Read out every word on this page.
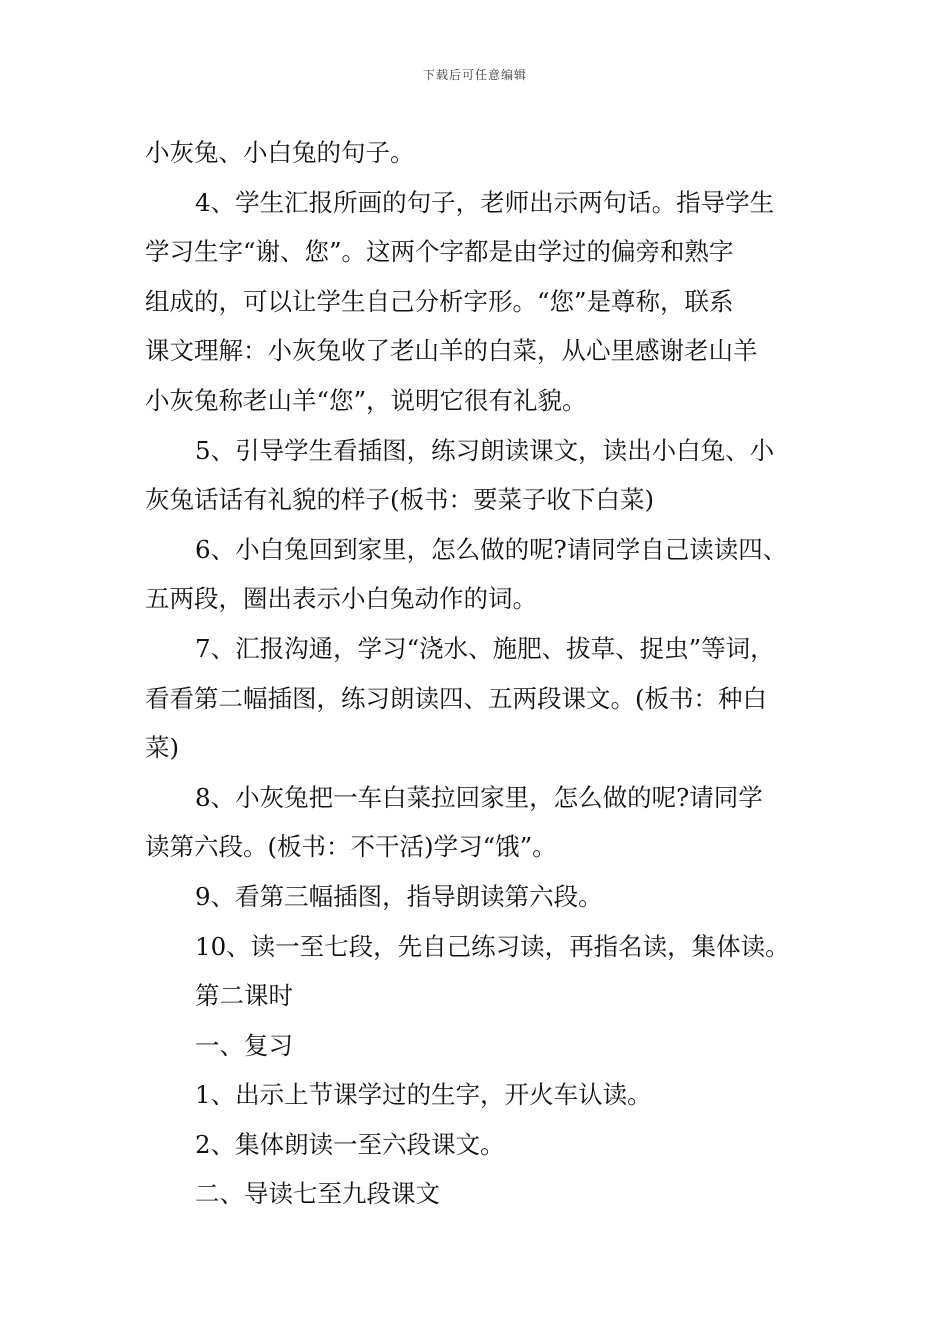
下载后可任意编辑
小灰兔、小白兔的句子。
4、学生汇报所画的句子，老师出示两句话。指导学生
学习生字“谢、您”。这两个字都是由学过的偏旁和熟字
组成的，可以让学生自己分析字形。“您”是尊称，联系
课文理解：小灰兔收了老山羊的白菜，从心里感谢老山羊
小灰兔称老山羊“您”，说明它很有礼貌。
5、引导学生看插图，练习朗读课文，读出小白兔、小
灰兔话话有礼貌的样子(板书：要菜子收下白菜)
6、小白兔回到家里，怎么做的呢?请同学自己读读四、
五两段，圈出表示小白兔动作的词。
7、汇报沟通，学习“浇水、施肥、拔草、捉虫”等词，
看看第二幅插图，练习朗读四、五两段课文。(板书：种白
菜)
8、小灰兔把一车白菜拉回家里，怎么做的呢?请同学
读第六段。(板书：不干活)学习“饿”。
9、看第三幅插图，指导朗读第六段。
10、读一至七段，先自己练习读，再指名读，集体读。
第二课时
一、复习
1、出示上节课学过的生字，开火车认读。
2、集体朗读一至六段课文。
二、导读七至九段课文
